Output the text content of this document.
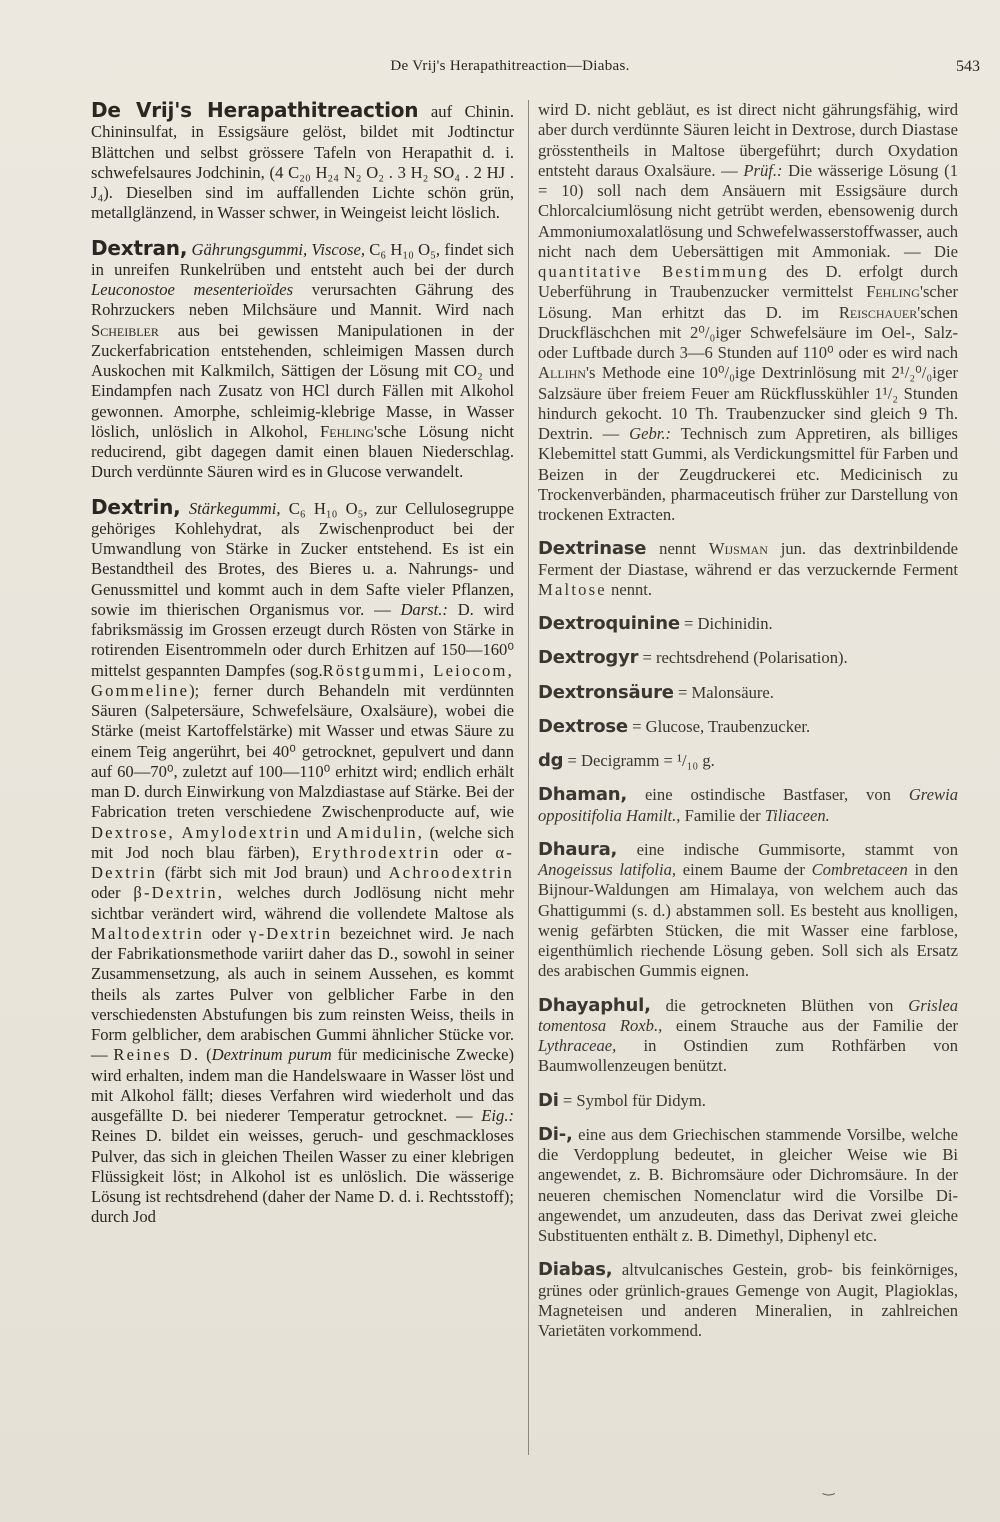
De Vrij's Herapathitreaction—Diabas.	543

De Vrij's Herapathitreaction auf Chinin. Chininsulfat, in Essigsäure gelöst, bildet mit Jodtinctur Blättchen und selbst grössere Tafeln von Herapathit d. i. schwefelsaures Jodchinin, (4 C₂₀ H₂₄ N₂ O₂ . 3 H₂ SO₄ . 2 HJ . J₄). Dieselben sind im auffallenden Lichte schön grün, metallglänzend, in Wasser schwer, in Weingeist leicht löslich.

Dextran, Gährungsgummi, Viscose, C₆ H₁₀ O₅, findet sich in unreifen Runkelrüben und entsteht auch bei der durch Leuconostoe mesenterioïdes verursachten Gährung des Rohrzuckers neben Milchsäure und Mannit. Wird nach Scheibler aus bei gewissen Manipulationen in der Zuckerfabrication entstehenden, schleimigen Massen durch Auskochen mit Kalkmilch, Sättigen der Lösung mit CO₂ und Eindampfen nach Zusatz von HCl durch Fällen mit Alkohol gewonnen. Amorphe, schleimig-klebrige Masse, in Wasser löslich, unlöslich in Alkohol, Fehling'sche Lösung nicht reducirend, gibt dagegen damit einen blauen Niederschlag. Durch verdünnte Säuren wird es in Glucose verwandelt.

Dextrin, Stärkegummi, C₆ H₁₀ O₅, zur Cellulosegruppe gehöriges Kohlehydrat, als Zwischenproduct bei der Umwandlung von Stärke in Zucker entstehend. Es ist ein Bestandtheil des Brotes, des Bieres u. a. Nahrungs- und Genussmittel und kommt auch in dem Safte vieler Pflanzen, sowie im thierischen Organismus vor. — Darst.: D. wird fabriksmässig im Grossen erzeugt durch Rösten von Stärke in rotirenden Eisentrommeln oder durch Erhitzen auf 150—160⁰ mittelst gespannten Dampfes (sog.Röstgummi, Leiocom, Gommeline); ferner durch Behandeln mit verdünnten Säuren (Salpetersäure, Schwefelsäure, Oxalsäure), wobei die Stärke (meist Kartoffelstärke) mit Wasser und etwas Säure zu einem Teig angerührt, bei 40⁰ getrocknet, gepulvert und dann auf 60—70⁰, zuletzt auf 100—110⁰ erhitzt wird; endlich erhält man D. durch Einwirkung von Malzdiastase auf Stärke. Bei der Fabrication treten verschiedene Zwischenproducte auf, wie Dextrose, Amylodextrin und Amidulin, (welche sich mit Jod noch blau färben), Erythrodextrin oder α-Dextrin (färbt sich mit Jod braun) und Achroodextrin oder β-Dextrin, welches durch Jodlösung nicht mehr sichtbar verändert wird, während die vollendete Maltose als Maltodextrin oder γ-Dextrin bezeichnet wird. Je nach der Fabrikationsmethode variirt daher das D., sowohl in seiner Zusammensetzung, als auch in seinem Aussehen, es kommt theils als zartes Pulver von gelblicher Farbe in den verschiedensten Abstufungen bis zum reinsten Weiss, theils in Form gelblicher, dem arabischen Gummi ähnlicher Stücke vor. — Reines D. (Dextrinum purum für medicinische Zwecke) wird erhalten, indem man die Handelswaare in Wasser löst und mit Alkohol fällt; dieses Verfahren wird wiederholt und das ausgefällte D. bei niederer Temperatur getrocknet. — Eig.: Reines D. bildet ein weisses, geruch- und geschmackloses Pulver, das sich in gleichen Theilen Wasser zu einer klebrigen Flüssigkeit löst; in Alkohol ist es unlöslich. Die wässerige Lösung ist rechtsdrehend (daher der Name D. d. i. Rechtsstoff); durch Jod

wird D. nicht gebläut, es ist direct nicht gährungsfähig, wird aber durch verdünnte Säuren leicht in Dextrose, durch Diastase grösstentheils in Maltose übergeführt; durch Oxydation entsteht daraus Oxalsäure. — Prüf.: Die wässerige Lösung (1 = 10) soll nach dem Ansäuern mit Essigsäure durch Chlorcalciumlösung nicht getrübt werden, ebensowenig durch Ammoniumoxalatlösung und Schwefelwasserstoffwasser, auch nicht nach dem Uebersättigen mit Ammoniak. — Die quantitative Bestimmung des D. erfolgt durch Ueberführung in Traubenzucker vermittelst Fehling'scher Lösung. Man erhitzt das D. im Reischauer'schen Druckfläschchen mit 2⁰/₀iger Schwefelsäure im Oel-, Salz- oder Luftbade durch 3—6 Stunden auf 110⁰ oder es wird nach Allihn's Methode eine 10⁰/₀ige Dextrinlösung mit 2¹/₂⁰/₀iger Salzsäure über freiem Feuer am Rückflusskühler 1¹/₂ Stunden hindurch gekocht. 10 Th. Traubenzucker sind gleich 9 Th. Dextrin. — Gebr.: Technisch zum Appretiren, als billiges Klebemittel statt Gummi, als Verdickungsmittel für Farben und Beizen in der Zeugdruckerei etc. Medicinisch zu Trockenverbänden, pharmaceutisch früher zur Darstellung von trockenen Extracten.

Dextrinase nennt Wijsman jun. das dextrinbildende Ferment der Diastase, während er das verzuckernde Ferment Maltose nennt.

Dextroquinine = Dichinidin.

Dextrogyr = rechtsdrehend (Polarisation).

Dextronsäure = Malonsäure.

Dextrose = Glucose, Traubenzucker.

dg = Decigramm = ¹/₁₀ g.

Dhaman, eine ostindische Bastfaser, von Grewia oppositifolia Hamilt., Familie der Tiliaceen.

Dhaura, eine indische Gummisorte, stammt von Anogeissus latifolia, einem Baume der Combretaceen in den Bijnour-Waldungen am Himalaya, von welchem auch das Ghattigummi (s. d.) abstammen soll. Es besteht aus knolligen, wenig gefärbten Stücken, die mit Wasser eine farblose, eigenthümlich riechende Lösung geben. Soll sich als Ersatz des arabischen Gummis eignen.

Dhayaphul, die getrockneten Blüthen von Grislea tomentosa Roxb., einem Strauche aus der Familie der Lythraceae, in Ostindien zum Rothfärben von Baumwollenzeugen benützt.

Di = Symbol für Didym.

Di-, eine aus dem Griechischen stammende Vorsilbe, welche die Verdopplung bedeutet, in gleicher Weise wie Bi angewendet, z. B. Bichromsäure oder Dichromsäure. In der neueren chemischen Nomenclatur wird die Vorsilbe Di- angewendet, um anzudeuten, dass das Derivat zwei gleiche Substituenten enthält z. B. Dimethyl, Diphenyl etc.

Diabas, altvulcanisches Gestein, grob- bis feinkörniges, grünes oder grünlich-graues Gemenge von Augit, Plagioklas, Magneteisen und anderen Mineralien, in zahlreichen Varietäten vorkommend.

‿
